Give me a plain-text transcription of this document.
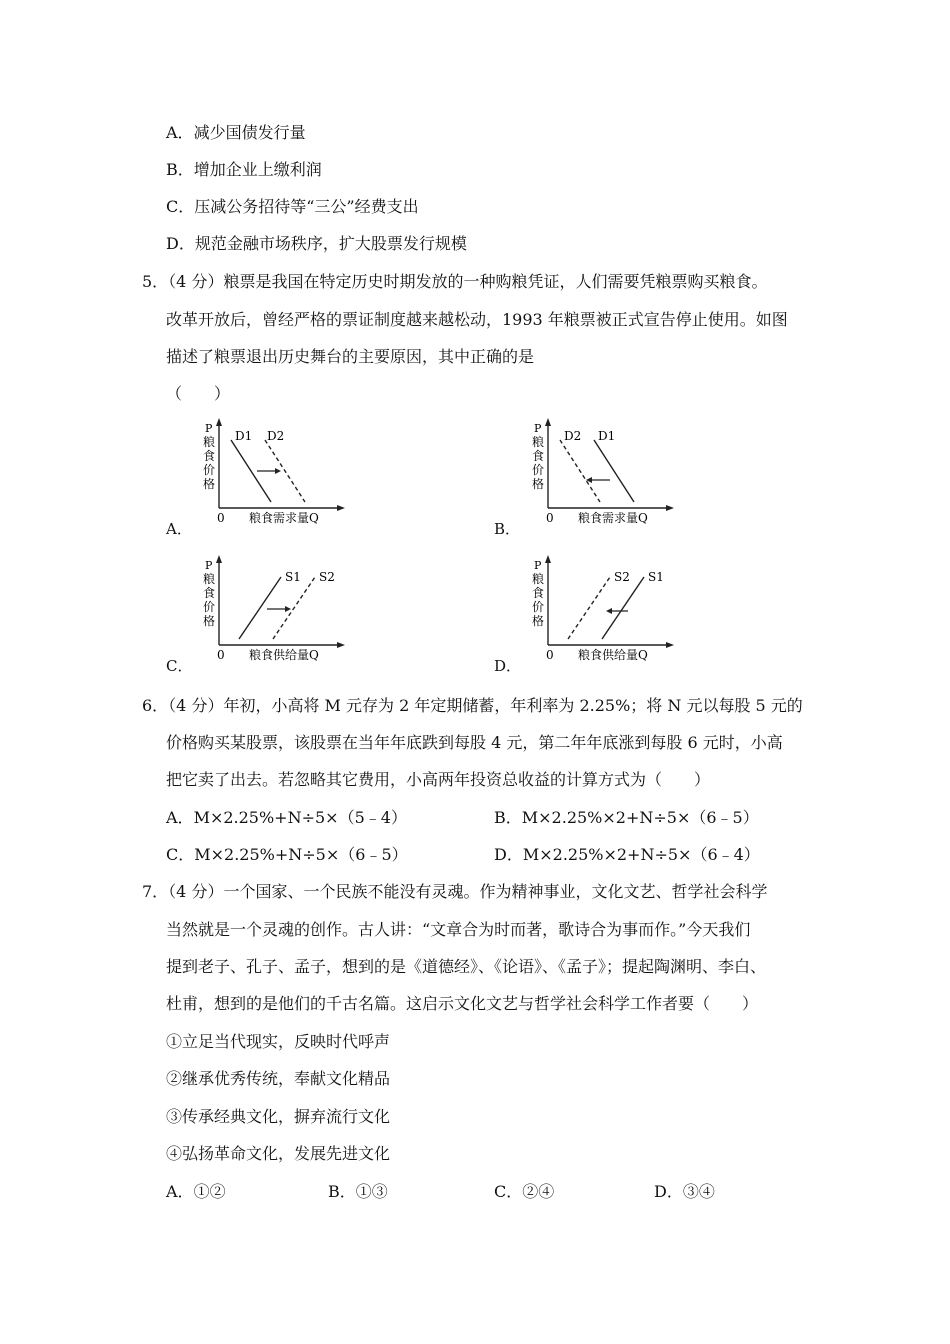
A．减少国债发行量
B．增加企业上缴利润
C．压减公务招待等“三公”经费支出
D．规范金融市场秩序，扩大股票发行规模
5．（4 分）粮票是我国在特定历史时期发放的一种购粮凭证，人们需要凭粮票购买粮食。
改革开放后，曾经严格的票证制度越来越松动，1993 年粮票被正式宣告停止使用。如图
描述了粮票退出历史舞台的主要原因，其中正确的是
（　　）
A．
P
粮
食
价
格
0 粮食需求量Q
D1 D2
B．
P
粮
食
价
格
0 粮食需求量Q
D2 D1
C．
P
粮
食
价
格
0 粮食供给量Q
S1 S2
D．
P
粮
食
价
格
0 粮食供给量Q
S2 S1
6．（4 分）年初，小高将 M 元存为 2 年定期储蓄，年利率为 2.25%；将 N 元以每股 5 元的
价格购买某股票，该股票在当年年底跌到每股 4 元，第二年年底涨到每股 6 元时，小高
把它卖了出去。若忽略其它费用，小高两年投资总收益的计算方式为（　　）
A．M×2.25%+N÷5×（5﹣4）	B．M×2.25%×2+N÷5×（6﹣5）
C．M×2.25%+N÷5×（6﹣5）	D．M×2.25%×2+N÷5×（6﹣4）
7．（4 分）一个国家、一个民族不能没有灵魂。作为精神事业，文化文艺、哲学社会科学
当然就是一个灵魂的创作。古人讲：“文章合为时而著，歌诗合为事而作。”今天我们
提到老子、孔子、孟子，想到的是《道德经》、《论语》、《孟子》；提起陶渊明、李白、
杜甫，想到的是他们的千古名篇。这启示文化文艺与哲学社会科学工作者要（　　）
①立足当代现实，反映时代呼声
②继承优秀传统，奉献文化精品
③传承经典文化，摒弃流行文化
④弘扬革命文化，发展先进文化
A．①②	B．①③	C．②④	D．③④
